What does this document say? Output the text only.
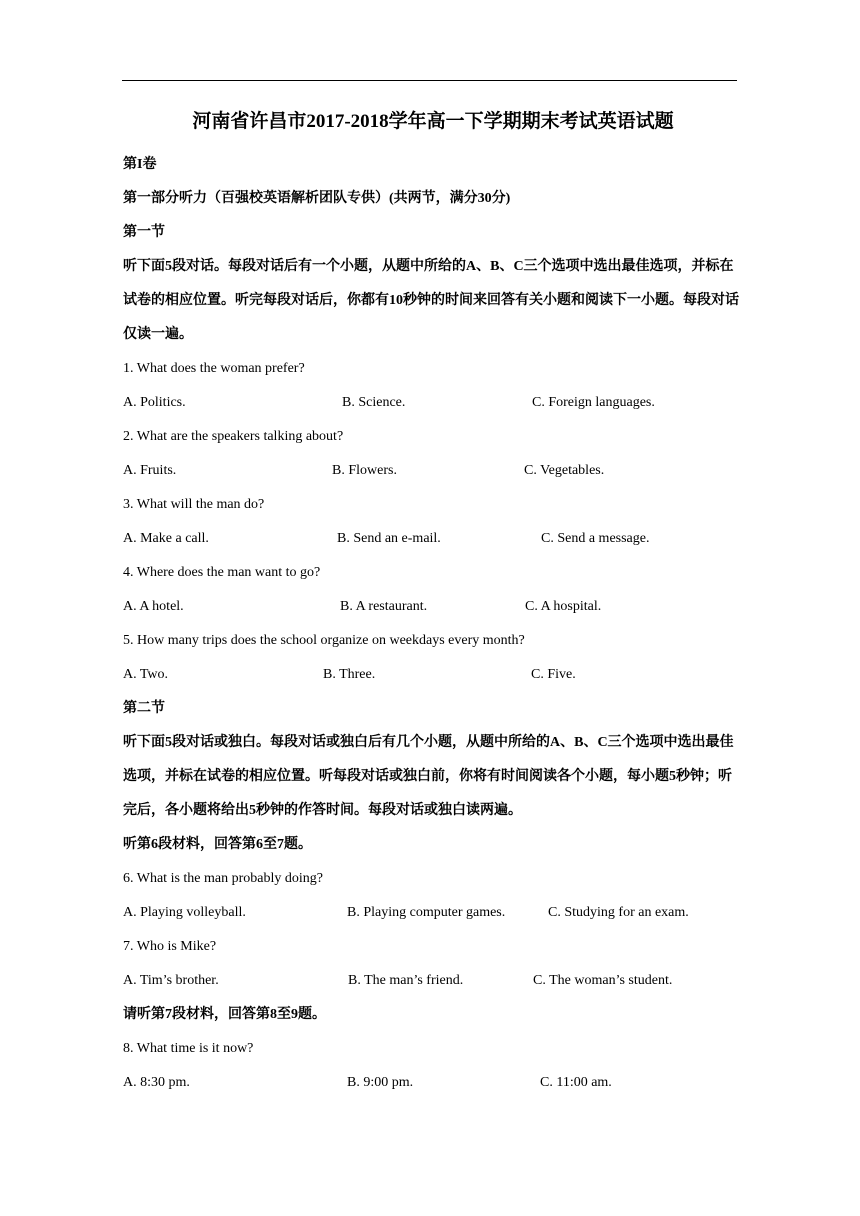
河南省许昌市2017-2018学年高一下学期期末考试英语试题
第I卷
第一部分听力（百强校英语解析团队专供）(共两节，满分30分)
第一节
听下面5段对话。每段对话后有一个小题，从题中所给的A、B、C三个选项中选出最佳选项，并标在试卷的相应位置。听完每段对话后，你都有10秒钟的时间来回答有关小题和阅读下一小题。每段对话仅读一遍。
1. What does the woman prefer?
A. Politics.	B. Science.	C. Foreign languages.
2. What are the speakers talking about?
A. Fruits.	B. Flowers.	C. Vegetables.
3. What will the man do?
A. Make a call.	B. Send an e-mail.	C. Send a message.
4. Where does the man want to go?
A. A hotel.	B. A restaurant.	C. A hospital.
5. How many trips does the school organize on weekdays every month?
A. Two.	B. Three.	C. Five.
第二节
听下面5段对话或独白。每段对话或独白后有几个小题，从题中所给的A、B、C三个选项中选出最佳选项，并标在试卷的相应位置。听每段对话或独白前，你将有时间阅读各个小题，每小题5秒钟；听完后，各小题将给出5秒钟的作答时间。每段对话或独白读两遍。
听第6段材料，回答第6至7题。
6. What is the man probably doing?
A. Playing volleyball.	B. Playing computer games.	C. Studying for an exam.
7. Who is Mike?
A. Tim’s brother.	B. The man’s friend.	C. The woman’s student.
请听第7段材料，回答第8至9题。
8. What time is it now?
A. 8:30 pm.	B. 9:00 pm.	C. 11:00 am.
